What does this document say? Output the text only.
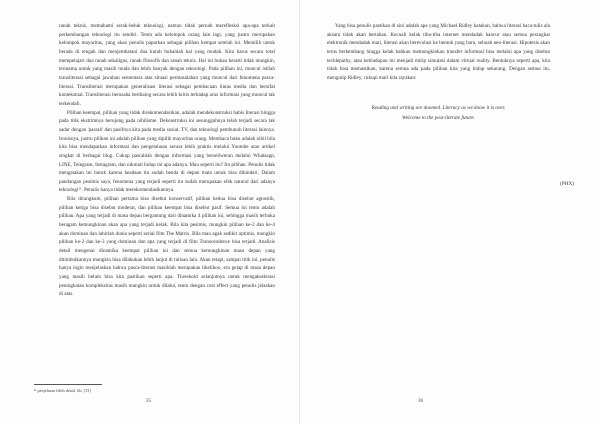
ranah teknis, memahami serak-beluk teknologi, namun tidak pernah mereflesksi apa-apa terkait perkembangan teknologi itu sendiri. Tentu ada kelompok orang lain lagi, yang justru merupakan kelompok mayoritas, yang akan penulis paparkan sebagai pilihan kempat setelah ini. Memilih untuk berada di tengah dan menjembatani dua kutub bukanlah hal yang mudah. Kita harus secara total mempelajari dua ranah sekaligus, ranah filosofis dan ranah teknis. Hal ini bukan berarti tidak mungkin, terutama untuk yang masih muda dan lebih banyak dengan teknologi. Pada pilihan ini, muncul istilah transliterasi sebagai jawaban sementara atas situasi permasalahan yang muncul dari fenomena pasca-literasi. Transliterasi merupakan generalisasi literasi sebagai pembacaan lintas media dan bersifat kontekstual. Transliterasi berusaha berdialog secara lebih kritis terhadap arus informasi yang muncul tak terkendali.

Pilihan keempat, pilihan yang tidak direkomendasikan, adalah mendekonstruksi habis literasi hingga pada titik ekstrimnya berujung pada nihilisme. Dekonstruksi ini sesungguhnya telah terjadi secara tak sadar dengan 'pasrah' dan pasifnya kita pada media sosial, TV, dan teknologi pembunuh literasi lainnya. Ironisnya, justru pilihan ini adalah pilihan yang dipilih mayoritas orang. Membaca buku adalah nihil bila kita bisa mendapatkan informasi dan pengetahuan secara lebih praktis melalui Youtube atau artikel singkat di berbagai blog. Cukup pasrahlah dengan informasi yang berseliweran melalui Whatsapp, LINE, Telegram, Instagram, dan nikmati hidup ini apa adanya. Mau seperti itu? Itu pilihan. Penulis tidak mengatakan ini buruk karena keadaan itu sudah benda di depan mata untuk bisa dihindari. Dalam pandangan pesimis saya, fenomena yang terjadi seperti itu sudah merupakan efek natural dari adanya teknologi¹¹. Penulis hanya tidak merekomendasikannya.

Bila dirangkum, pilihan pertama bisa disebut konservatif, pilihan kedua bisa disebut agnostik, pilihan ketiga bisa disebut moderat, dan pilihan keempat bisa disebut pasif. Semua ini tentu adalah pilihan. Apa yang terjadi di masa depan bergantung dari dinamika 4 pilihan ini, sehingga masih terbuka beragam kemungkinan akan apa yang terjadi kelak. Bila kita pesimis, mungkin pilihan ke-2 dan ke-4 akan dominan dan lahirlah dunia seperti serial film The Matrix. Bila mau agak sedikit optimis, mungkin pilihan ke-2 dan ke-3 yang dominan dan apa yang terjadi di film Transcendence bisa terjadi. Analisis detail mengenai dinamika keempat pilihan ini dan semua kemungkinan masa depan yang ditimbulkannya mungkin bisa dilakukan lebih lanjut di tulisan lain. Akan tetapi, sampai titik ini, penulis hanya ingin menjelaskan bahwa pasca-literasi masihlah merupakan likelihoo, era gelap di masa depan yang masih belum bisa kita pastikan seperti apa. Threshold selanjutnya untuk mengakselerasi peningkatan kompleksitas masih mungkin untuk dilalui, tentu dengan cost effect yang penulis jelaskan di atas.

¹¹ penjelasan lebih detail, lih. [13]
35

Yang bisa penulis pastikan di sini adalah apa yang Michael Ridley katakan, bahwa literasi baca-tulis ala aksara tidak akan bertahan. Kecuali kelak tiba-tiba internet mendadak hancur atau semua perangkat elektronik mendadak mati, literasi akan berevolusi ke bentuk yang baru, sebuah neo-literasi. Hipotesis akan terus berkembang hingga kelak bahkan memungkinkan transfer informasi bisa melalui apa yang disebut techlepathy, atau kebiadupan ini menjadi mirip simulasi dalam virtual reality. Bentuknya seperti apa, kita tidak bisa memastikan, karena semua ada pada pilihan kita yang hidup sekarang. Dengan semua itu, mengutip Ridley, cukupi mari kita rayakan:

Reading and writing are doomed. Literacy as we know it is over.
Welcome to the post-literate future.
(PHX)
36
